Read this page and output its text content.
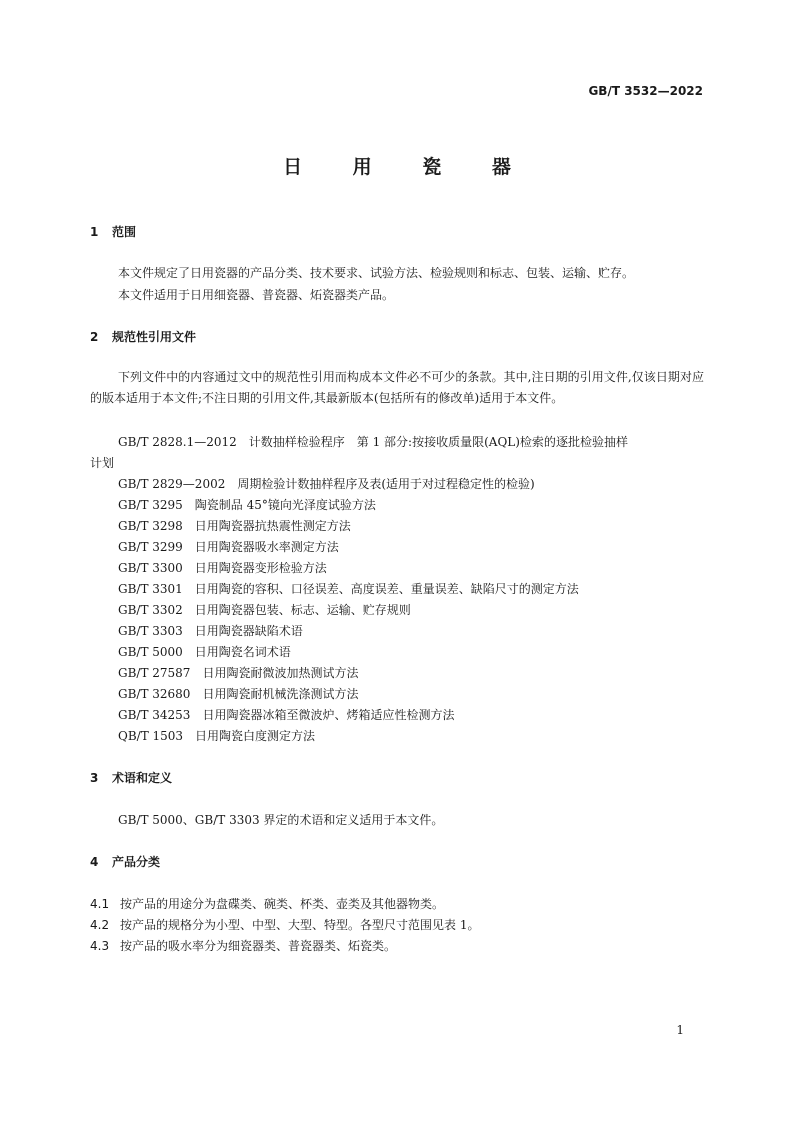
GB/T 3532—2022
日 用 瓷 器
1 范围
本文件规定了日用瓷器的产品分类、技术要求、试验方法、检验规则和标志、包装、运输、贮存。
本文件适用于日用细瓷器、普瓷器、炻瓷器类产品。
2 规范性引用文件
下列文件中的内容通过文中的规范性引用而构成本文件必不可少的条款。其中,注日期的引用文件,仅该日期对应的版本适用于本文件;不注日期的引用文件,其最新版本(包括所有的修改单)适用于本文件。
GB/T 2828.1—2012　计数抽样检验程序　第 1 部分:按接收质量限(AQL)检索的逐批检验抽样
计划
GB/T 2829—2002　周期检验计数抽样程序及表(适用于对过程稳定性的检验)
GB/T 3295　陶瓷制品 45°镜向光泽度试验方法
GB/T 3298　日用陶瓷器抗热震性测定方法
GB/T 3299　日用陶瓷器吸水率测定方法
GB/T 3300　日用陶瓷器变形检验方法
GB/T 3301　日用陶瓷的容积、口径误差、高度误差、重量误差、缺陷尺寸的测定方法
GB/T 3302　日用陶瓷器包装、标志、运输、贮存规则
GB/T 3303　日用陶瓷器缺陷术语
GB/T 5000　日用陶瓷名词术语
GB/T 27587　日用陶瓷耐微波加热测试方法
GB/T 32680　日用陶瓷耐机械洗涤测试方法
GB/T 34253　日用陶瓷器冰箱至微波炉、烤箱适应性检测方法
QB/T 1503　日用陶瓷白度测定方法
3 术语和定义
GB/T 5000、GB/T 3303 界定的术语和定义适用于本文件。
4 产品分类
4.1 按产品的用途分为盘碟类、碗类、杯类、壶类及其他器物类。
4.2 按产品的规格分为小型、中型、大型、特型。各型尺寸范围见表 1。
4.3 按产品的吸水率分为细瓷器类、普瓷器类、炻瓷类。
1
